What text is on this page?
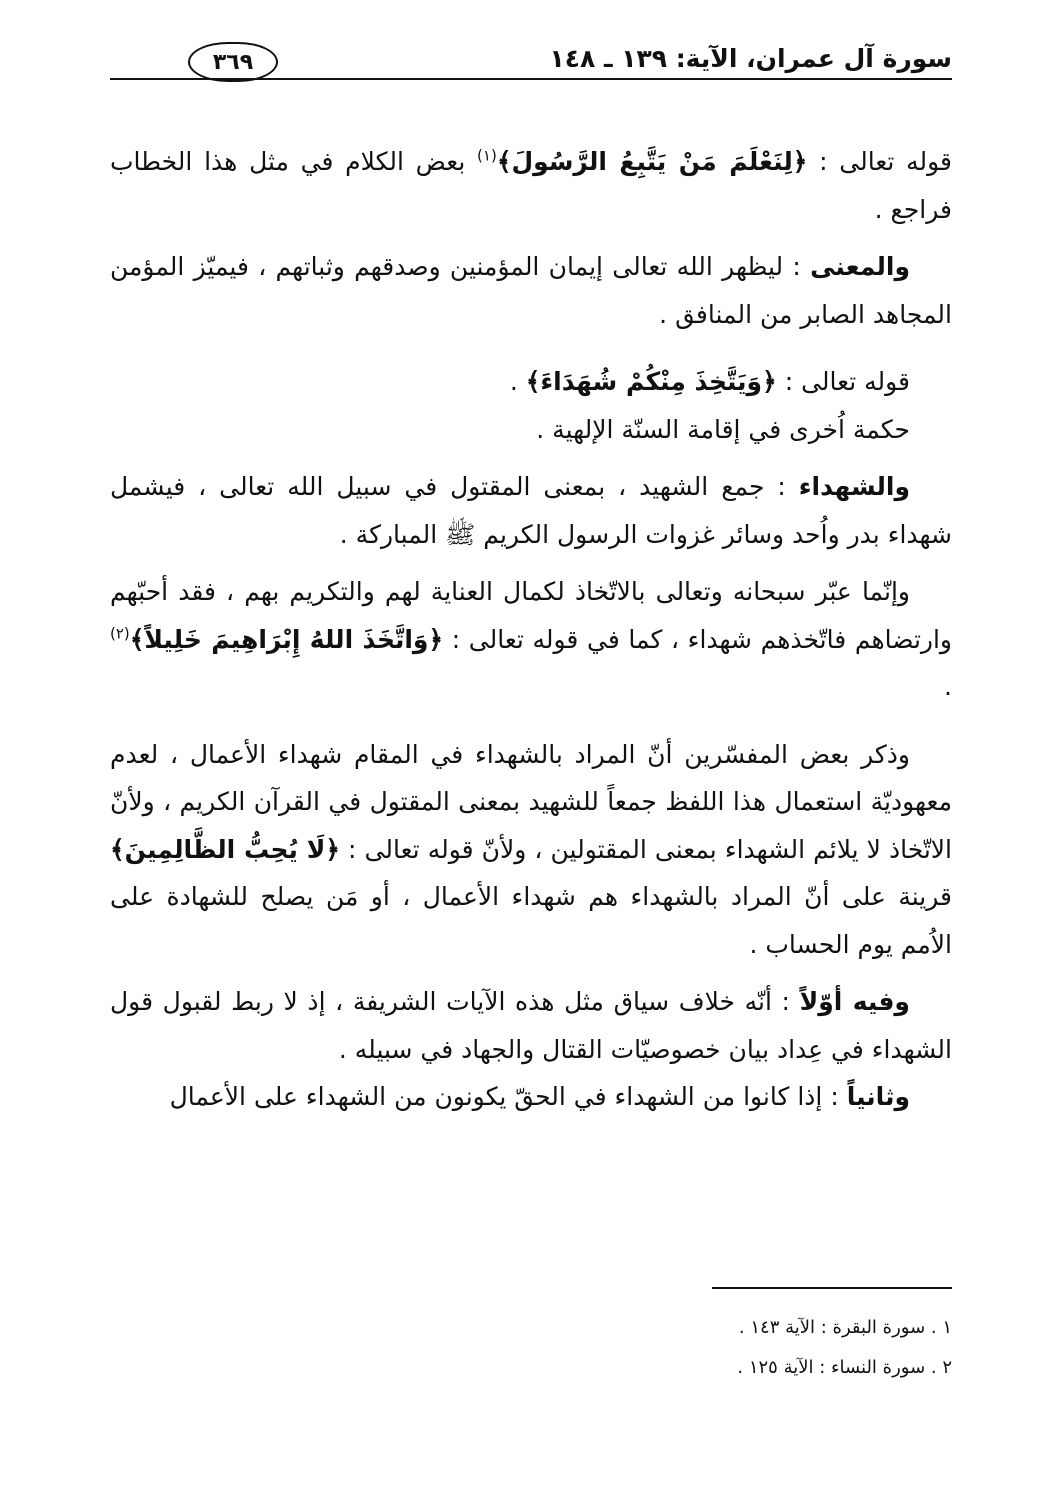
سورة آل عمران، الآية: ١٣٩ ـ ١٤٨
٣٦٩

قوله تعالى : ﴿لِنَعْلَمَ مَنْ يَتَّبِعُ الرَّسُولَ﴾$^{(١)}$ بعض الكلام في مثل هذا الخطاب فراجع .

والمعنى : ليظهر الله تعالى إيمان المؤمنين وصدقهم وثباتهم ، فيميّز المؤمن المجاهد الصابر من المنافق .

قوله تعالى : ﴿وَيَتَّخِذَ مِنْكُمْ شُهَدَاءَ﴾ .

حكمة اُخرى في إقامة السنّة الإلهية .

والشهداء : جمع الشهيد ، بمعنى المقتول في سبيل الله تعالى ، فيشمل شهداء بدر واُحد وسائر غزوات الرسول الكريم ﷺ المباركة .

وإنّما عبّر سبحانه وتعالى بالاتّخاذ لكمال العناية لهم والتكريم بهم ، فقد أحبّهم وارتضاهم فاتّخذهم شهداء ، كما في قوله تعالى : ﴿وَاتَّخَذَ اللهُ إِبْرَاهِيمَ خَلِيلاً﴾$^{(٢)}$ .

وذكر بعض المفسّرين أنّ المراد بالشهداء في المقام شهداء الأعمال ، لعدم معهوديّة استعمال هذا اللفظ جمعاً للشهيد بمعنى المقتول في القرآن الكريم ، ولأنّ الاتّخاذ لا يلائم الشهداء بمعنى المقتولين ، ولأنّ قوله تعالى : ﴿لَا يُحِبُّ الظَّالِمِينَ﴾ قرينة على أنّ المراد بالشهداء هم شهداء الأعمال ، أو مَن يصلح للشهادة على الاُمم يوم الحساب .

وفيه أوّلاً : أنّه خلاف سياق مثل هذه الآيات الشريفة ، إذ لا ربط لقبول قول الشهداء في عِداد بيان خصوصيّات القتال والجهاد في سبيله .

وثانياً : إذا كانوا من الشهداء في الحقّ يكونون من الشهداء على الأعمال

١ . سورة البقرة : الآية ١٤٣ .

٢ . سورة النساء : الآية ١٢٥ .
